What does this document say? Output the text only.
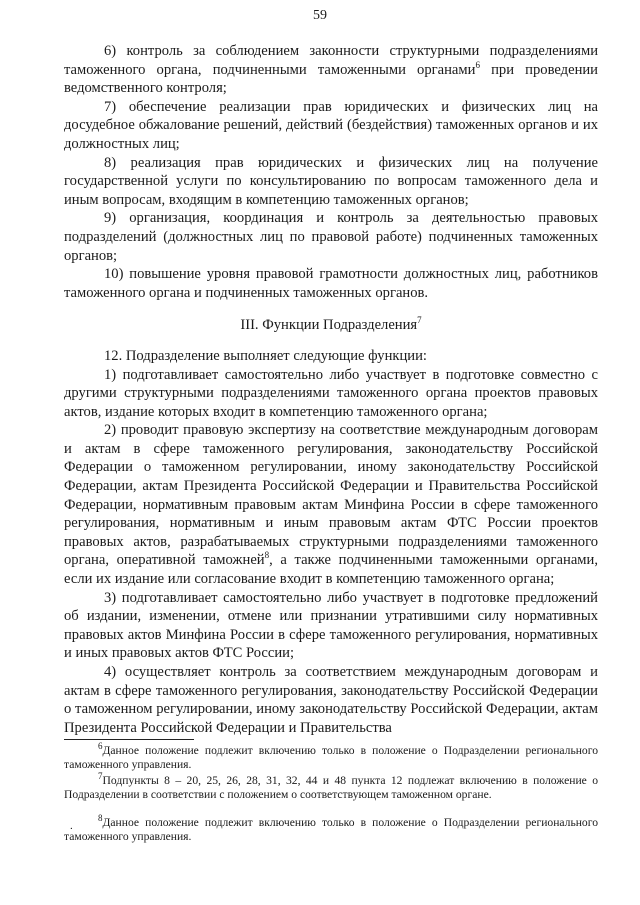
59

6) контроль за соблюдением законности структурными подразделениями таможенного органа, подчиненными таможенными органами$^6$ при проведении ведомственного контроля;

7) обеспечение реализации прав юридических и физических лиц на досудебное обжалование решений, действий (бездействия) таможенных органов и их должностных лиц;

8) реализация прав юридических и физических лиц на получение государственной услуги по консультированию по вопросам таможенного дела и иным вопросам, входящим в компетенцию таможенных органов;

9) организация, координация и контроль за деятельностью правовых подразделений (должностных лиц по правовой работе) подчиненных таможенных органов;

10) повышение уровня правовой грамотности должностных лиц, работников таможенного органа и подчиненных таможенных органов.

III. Функции Подразделения$^7$

12. Подразделение выполняет следующие функции:

1) подготавливает самостоятельно либо участвует в подготовке совместно с другими структурными подразделениями таможенного органа проектов правовых актов, издание которых входит в компетенцию таможенного органа;

2) проводит правовую экспертизу на соответствие международным договорам и актам в сфере таможенного регулирования, законодательству Российской Федерации о таможенном регулировании, иному законодательству Российской Федерации, актам Президента Российской Федерации и Правительства Российской Федерации, нормативным правовым актам Минфина России в сфере таможенного регулирования, нормативным и иным правовым актам ФТС России проектов правовых актов, разрабатываемых структурными подразделениями таможенного органа, оперативной таможней$^8$, а также подчиненными таможенными органами, если их издание или согласование входит в компетенцию таможенного органа;

3) подготавливает самостоятельно либо участвует в подготовке предложений об издании, изменении, отмене или признании утратившими силу нормативных правовых актов Минфина России в сфере таможенного регулирования, нормативных и иных правовых актов ФТС России;

4) осуществляет контроль за соответствием международным договорам и актам в сфере таможенного регулирования, законодательству Российской Федерации о таможенном регулировании, иному законодательству Российской Федерации, актам Президента Российской Федерации и Правительства

$^6$Данное положение подлежит включению только в положение о Подразделении регионального таможенного управления.
$^7$Подпункты 8 – 20, 25, 26, 28, 31, 32, 44 и 48 пункта 12 подлежат включению в положение о Подразделении в соответствии с положением о соответствующем таможенном органе.
$^8$Данное положение подлежит включению только в положение о Подразделении регионального таможенного управления.
.
